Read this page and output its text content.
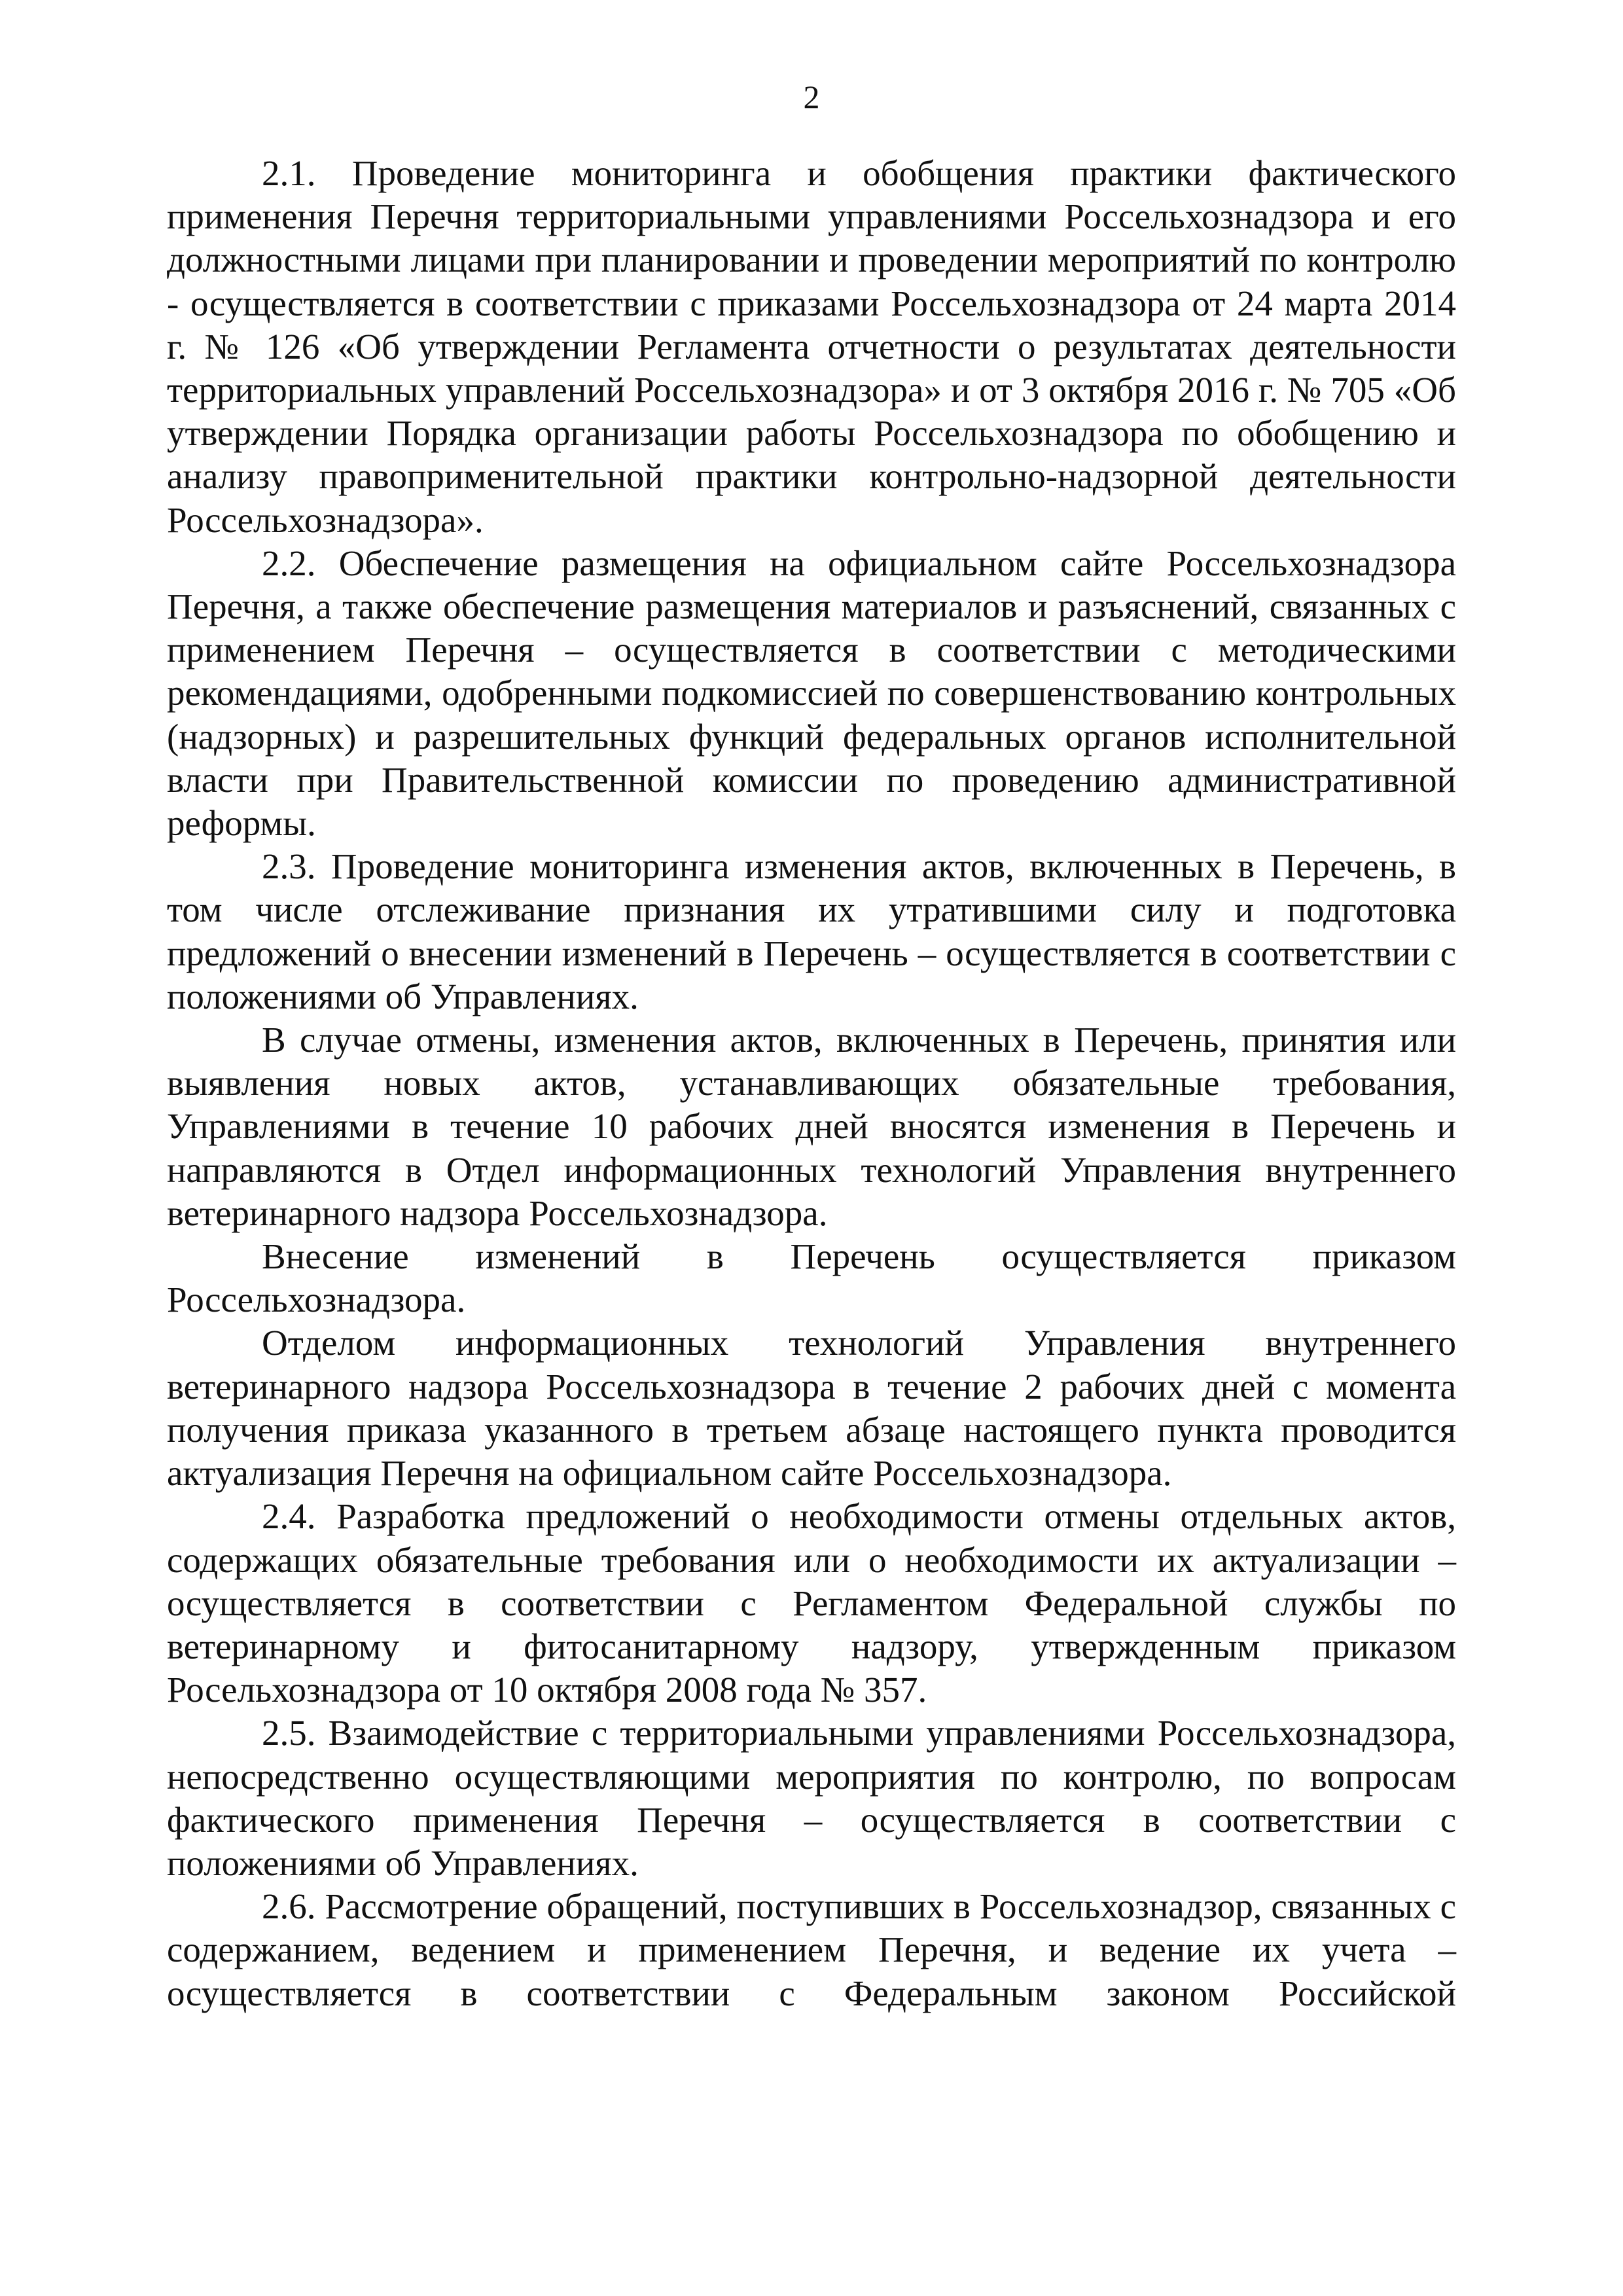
2

2.1. Проведение мониторинга и обобщения практики фактического применения Перечня территориальными управлениями Россельхознадзора и его должностными лицами при планировании и проведении мероприятий по контролю - осуществляется в соответствии с приказами Россельхознадзора от 24 марта 2014 г. № 126 «Об утверждении Регламента отчетности о результатах деятельности территориальных управлений Россельхознадзора» и от 3 октября 2016 г. № 705 «Об утверждении Порядка организации работы Россельхознадзора по обобщению и анализу правоприменительной практики контрольно-надзорной деятельности Россельхознадзора».

2.2. Обеспечение размещения на официальном сайте Россельхознадзора Перечня, а также обеспечение размещения материалов и разъяснений, связанных с применением Перечня – осуществляется в соответствии с методическими рекомендациями, одобренными подкомиссией по совершенствованию контрольных (надзорных) и разрешительных функций федеральных органов исполнительной власти при Правительственной комиссии по проведению административной реформы.

2.3. Проведение мониторинга изменения актов, включенных в Перечень, в том числе отслеживание признания их утратившими силу и подготовка предложений о внесении изменений в Перечень – осуществляется в соответствии с положениями об Управлениях.

В случае отмены, изменения актов, включенных в Перечень, принятия или выявления новых актов, устанавливающих обязательные требования, Управлениями в течение 10 рабочих дней вносятся изменения в Перечень и направляются в Отдел информационных технологий Управления внутреннего ветеринарного надзора Россельхознадзора.

Внесение изменений в Перечень осуществляется приказом Россельхознадзора.

Отделом информационных технологий Управления внутреннего ветеринарного надзора Россельхознадзора в течение 2 рабочих дней с момента получения приказа указанного в третьем абзаце настоящего пункта проводится актуализация Перечня на официальном сайте Россельхознадзора.

2.4. Разработка предложений о необходимости отмены отдельных актов, содержащих обязательные требования или о необходимости их актуализации – осуществляется в соответствии с Регламентом Федеральной службы по ветеринарному и фитосанитарному надзору, утвержденным приказом Росельхознадзора от 10 октября 2008 года № 357.

2.5. Взаимодействие с территориальными управлениями Россельхознадзора, непосредственно осуществляющими мероприятия по контролю, по вопросам фактического применения Перечня – осуществляется в соответствии с положениями об Управлениях.

2.6. Рассмотрение обращений, поступивших в Россельхознадзор, связанных с содержанием, ведением и применением Перечня, и ведение их учета – осуществляется в соответствии с Федеральным законом Российской
